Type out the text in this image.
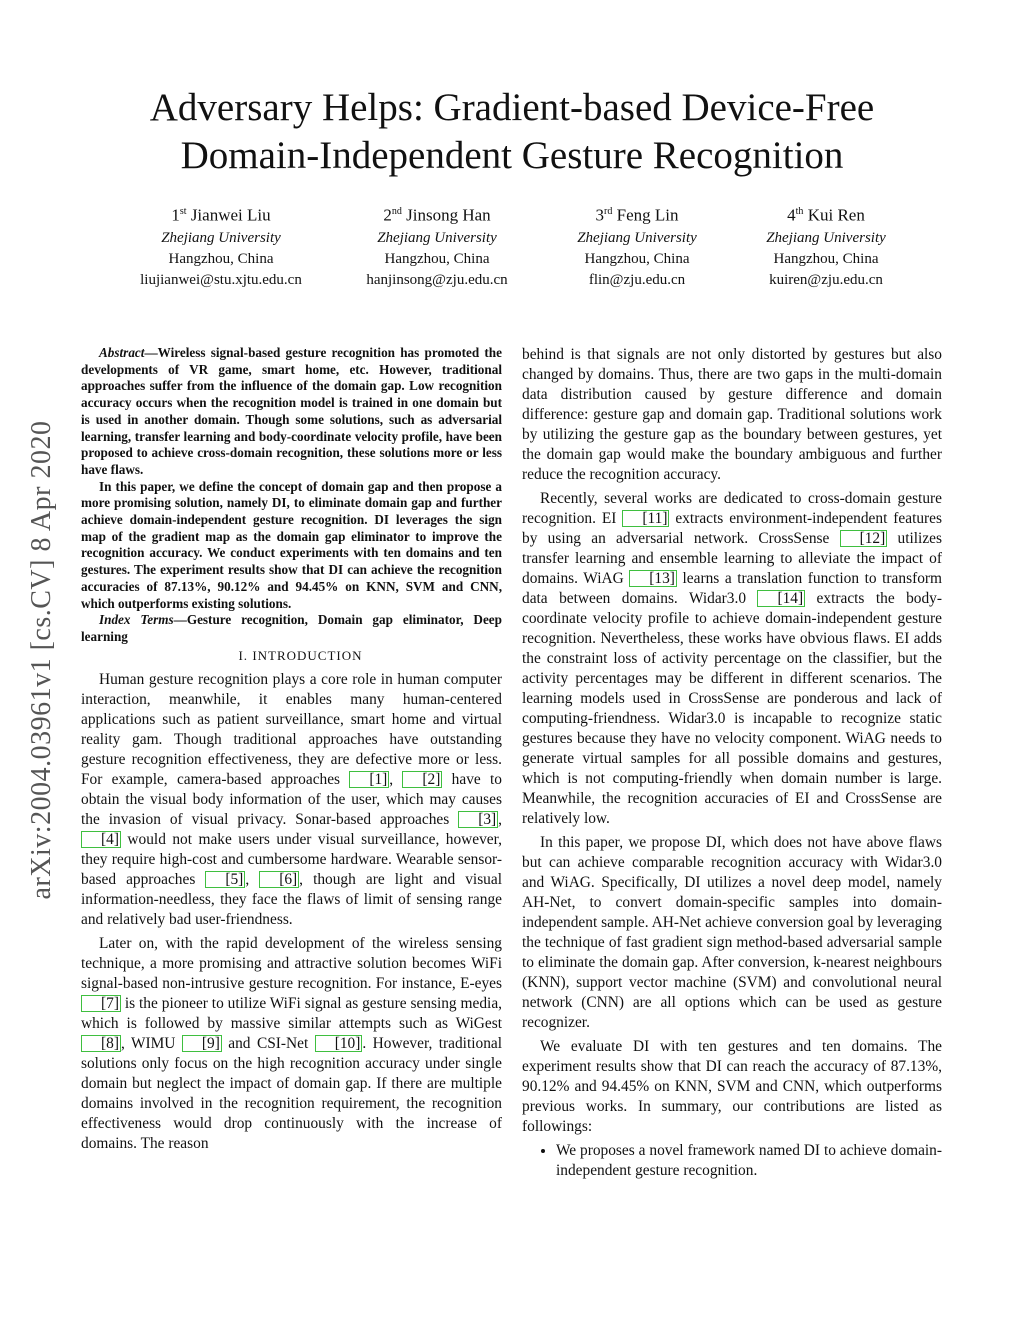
Adversary Helps: Gradient-based Device-Free
Domain-Independent Gesture Recognition
1st Jianwei Liu
Zhejiang University
Hangzhou, China
liujianwei@stu.xjtu.edu.cn
2nd Jinsong Han
Zhejiang University
Hangzhou, China
hanjinsong@zju.edu.cn
3rd Feng Lin
Zhejiang University
Hangzhou, China
flin@zju.edu.cn
4th Kui Ren
Zhejiang University
Hangzhou, China
kuiren@zju.edu.cn
arXiv:2004.03961v1 [cs.CV] 8 Apr 2020

Abstract—Wireless signal-based gesture recognition has promoted the developments of VR game, smart home, etc. However, traditional approaches suffer from the influence of the domain gap. Low recognition accuracy occurs when the recognition model is trained in one domain but is used in another domain. Though some solutions, such as adversarial learning, transfer learning and body-coordinate velocity profile, have been proposed to achieve cross-domain recognition, these solutions more or less have flaws.

In this paper, we define the concept of domain gap and then propose a more promising solution, namely DI, to eliminate domain gap and further achieve domain-independent gesture recognition. DI leverages the sign map of the gradient map as the domain gap eliminator to improve the recognition accuracy. We conduct experiments with ten domains and ten gestures. The experiment results show that DI can achieve the recognition accuracies of 87.13%, 90.12% and 94.45% on KNN, SVM and CNN, which outperforms existing solutions.

Index Terms—Gesture recognition, Domain gap eliminator, Deep learning

I. INTRODUCTION

Human gesture recognition plays a core role in human computer interaction, meanwhile, it enables many human-centered applications such as patient surveillance, smart home and virtual reality gam. Though traditional approaches have outstanding gesture recognition effectiveness, they are defective more or less. For example, camera-based approaches [1] , [2] have to obtain the visual body information of the user, which may causes the invasion of visual privacy. Sonar-based approaches [3] , [4] would not make users under visual surveillance, however, they require high-cost and cumbersome hardware. Wearable sensor-based approaches [5] , [6] , though are light and visual information-needless, they face the flaws of limit of sensing range and relatively bad user-friendness.

Later on, with the rapid development of the wireless sensing technique, a more promising and attractive solution becomes WiFi signal-based non-intrusive gesture recognition. For instance, E-eyes [7] is the pioneer to utilize WiFi signal as gesture sensing media, which is followed by massive similar attempts such as WiGest [8] , WIMU [9] and CSI-Net [10] . However, traditional solutions only focus on the high recognition accuracy under single domain but neglect the impact of domain gap. If there are multiple domains involved in the recognition requirement, the recognition effectiveness would drop continuously with the increase of domains. The reason

behind is that signals are not only distorted by gestures but also changed by domains. Thus, there are two gaps in the multi-domain data distribution caused by gesture difference and domain difference: gesture gap and domain gap. Traditional solutions work by utilizing the gesture gap as the boundary between gestures, yet the domain gap would make the boundary ambiguous and further reduce the recognition accuracy.

Recently, several works are dedicated to cross-domain gesture recognition. EI [11] extracts environment-independent features by using an adversarial network. CrossSense [12] utilizes transfer learning and ensemble learning to alleviate the impact of domains. WiAG [13] learns a translation function to transform data between domains. Widar3.0 [14] extracts the body-coordinate velocity profile to achieve domain-independent gesture recognition. Nevertheless, these works have obvious flaws. EI adds the constraint loss of activity percentage on the classifier, but the activity percentages may be different in different scenarios. The learning models used in CrossSense are ponderous and lack of computing-friendness. Widar3.0 is incapable to recognize static gestures because they have no velocity component. WiAG needs to generate virtual samples for all possible domains and gestures, which is not computing-friendly when domain number is large. Meanwhile, the recognition accuracies of EI and CrossSense are relatively low.

In this paper, we propose DI, which does not have above flaws but can achieve comparable recognition accuracy with Widar3.0 and WiAG. Specifically, DI utilizes a novel deep model, namely AH-Net, to convert domain-specific samples into domain-independent sample. AH-Net achieve conversion goal by leveraging the technique of fast gradient sign method-based adversarial sample to eliminate the domain gap. After conversion, k-nearest neighbours (KNN), support vector machine (SVM) and convolutional neural network (CNN) are all options which can be used as gesture recognizer.

We evaluate DI with ten gestures and ten domains. The experiment results show that DI can reach the accuracy of 87.13%, 90.12% and 94.45% on KNN, SVM and CNN, which outperforms previous works. In summary, our contributions are listed as followings:

• We proposes a novel framework named DI to achieve domain-independent gesture recognition.
